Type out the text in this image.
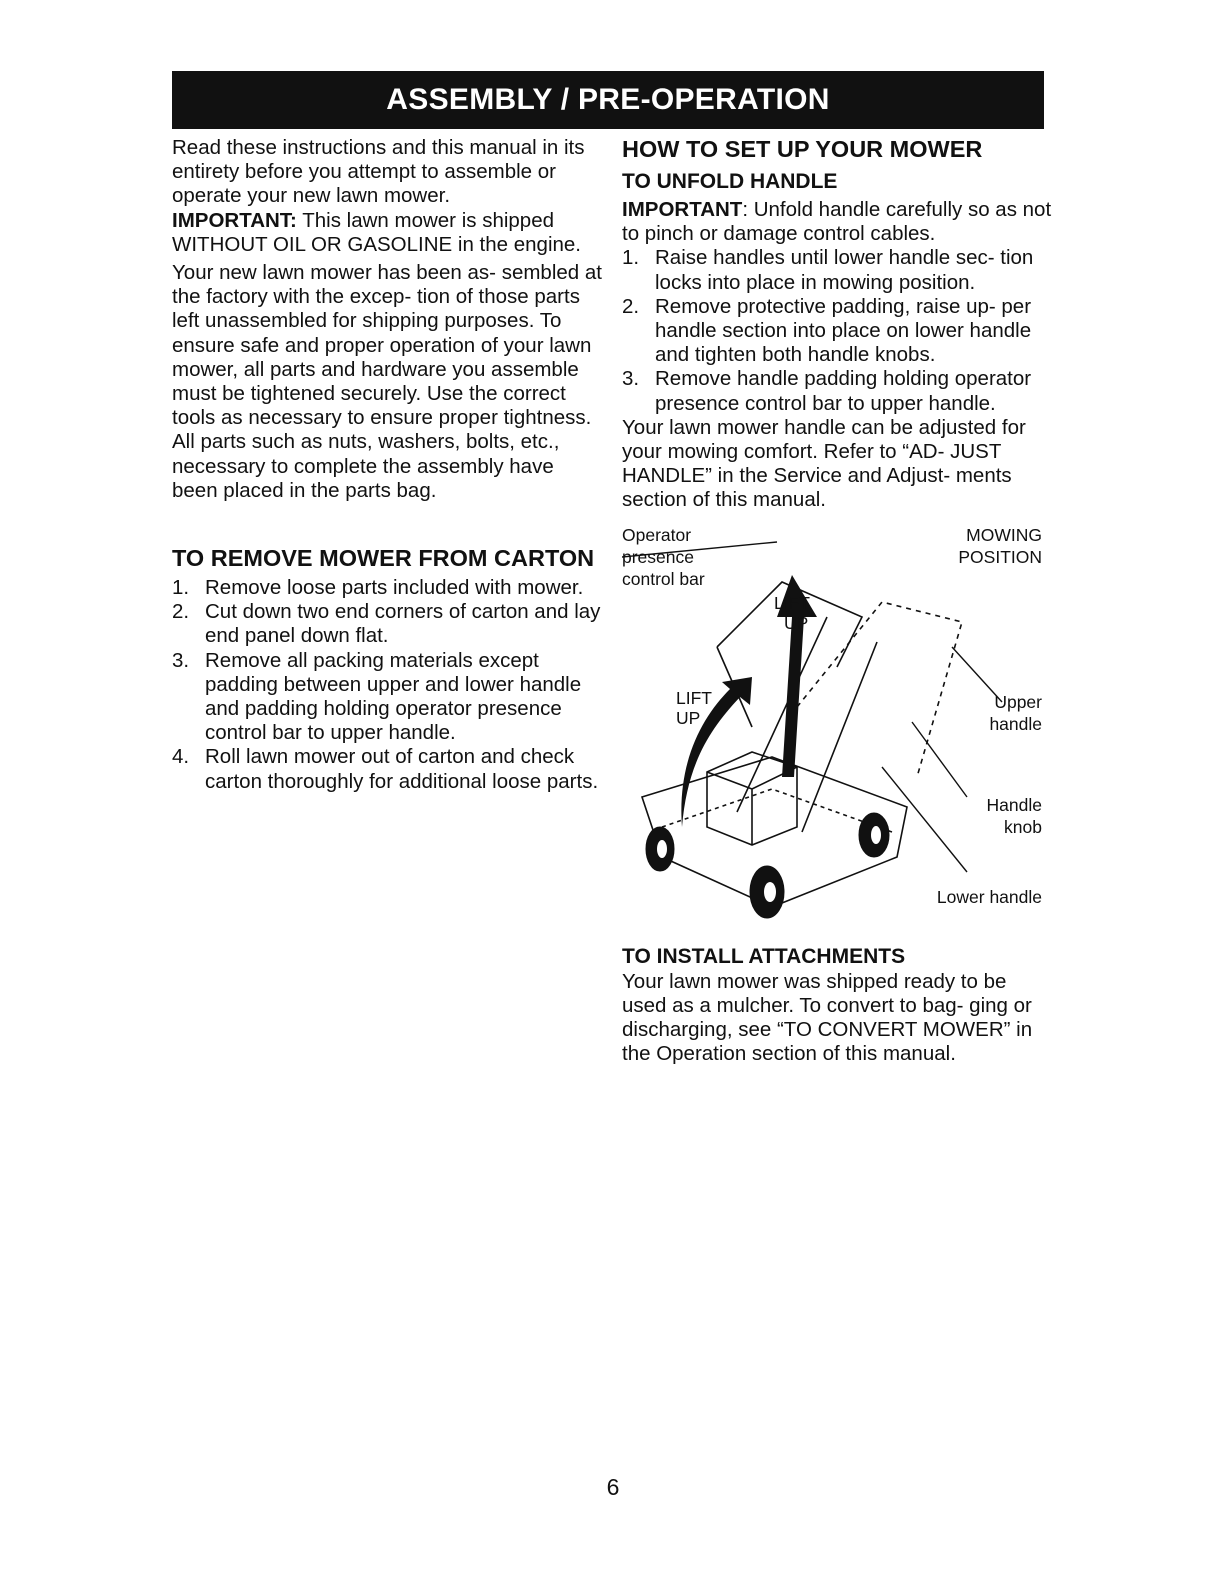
ASSEMBLY / PRE-OPERATION

Read these instructions and this manual in its entirety before you attempt to assemble or operate your new lawn mower.

IMPORTANT: This lawn mower is shipped WITHOUT OIL OR GASOLINE in the engine.

Your new lawn mower has been as- sembled at the factory with the excep- tion of those parts left unassembled for shipping purposes. To ensure safe and proper operation of your lawn mower, all parts and hardware you assemble must be tightened securely. Use the correct tools as necessary to ensure proper tightness. All parts such as nuts, washers, bolts, etc., necessary to complete the assembly have been placed in the parts bag.

TO REMOVE MOWER FROM CARTON
1. Remove loose parts included with mower.
2. Cut down two end corners of carton and lay end panel down flat.
3. Remove all packing materials except padding between upper and lower handle and padding holding operator presence control bar to upper handle.
4. Roll lawn mower out of carton and check carton thoroughly for additional loose parts.
HOW TO SET UP YOUR MOWER
TO UNFOLD HANDLE

IMPORTANT: Unfold handle carefully so as not to pinch or damage control cables.

1. Raise handles until lower handle sec- tion locks into place in mowing position.
2. Remove protective padding, raise up- per handle section into place on lower handle and tighten both handle knobs.
3. Remove handle padding holding operator presence control bar to upper handle.

Your lawn mower handle can be adjusted for your mowing comfort. Refer to “AD- JUST HANDLE” in the Service and Adjust- ments section of this manual.

Operator
presence
control bar
MOWING
POSITION
LIFT
UP
LIFT
UP
Upper
handle
Handle
knob
Lower handle
TO INSTALL ATTACHMENTS

Your lawn mower was shipped ready to be used as a mulcher. To convert to bag- ging or discharging, see “TO CONVERT MOWER” in the Operation section of this manual.

6
